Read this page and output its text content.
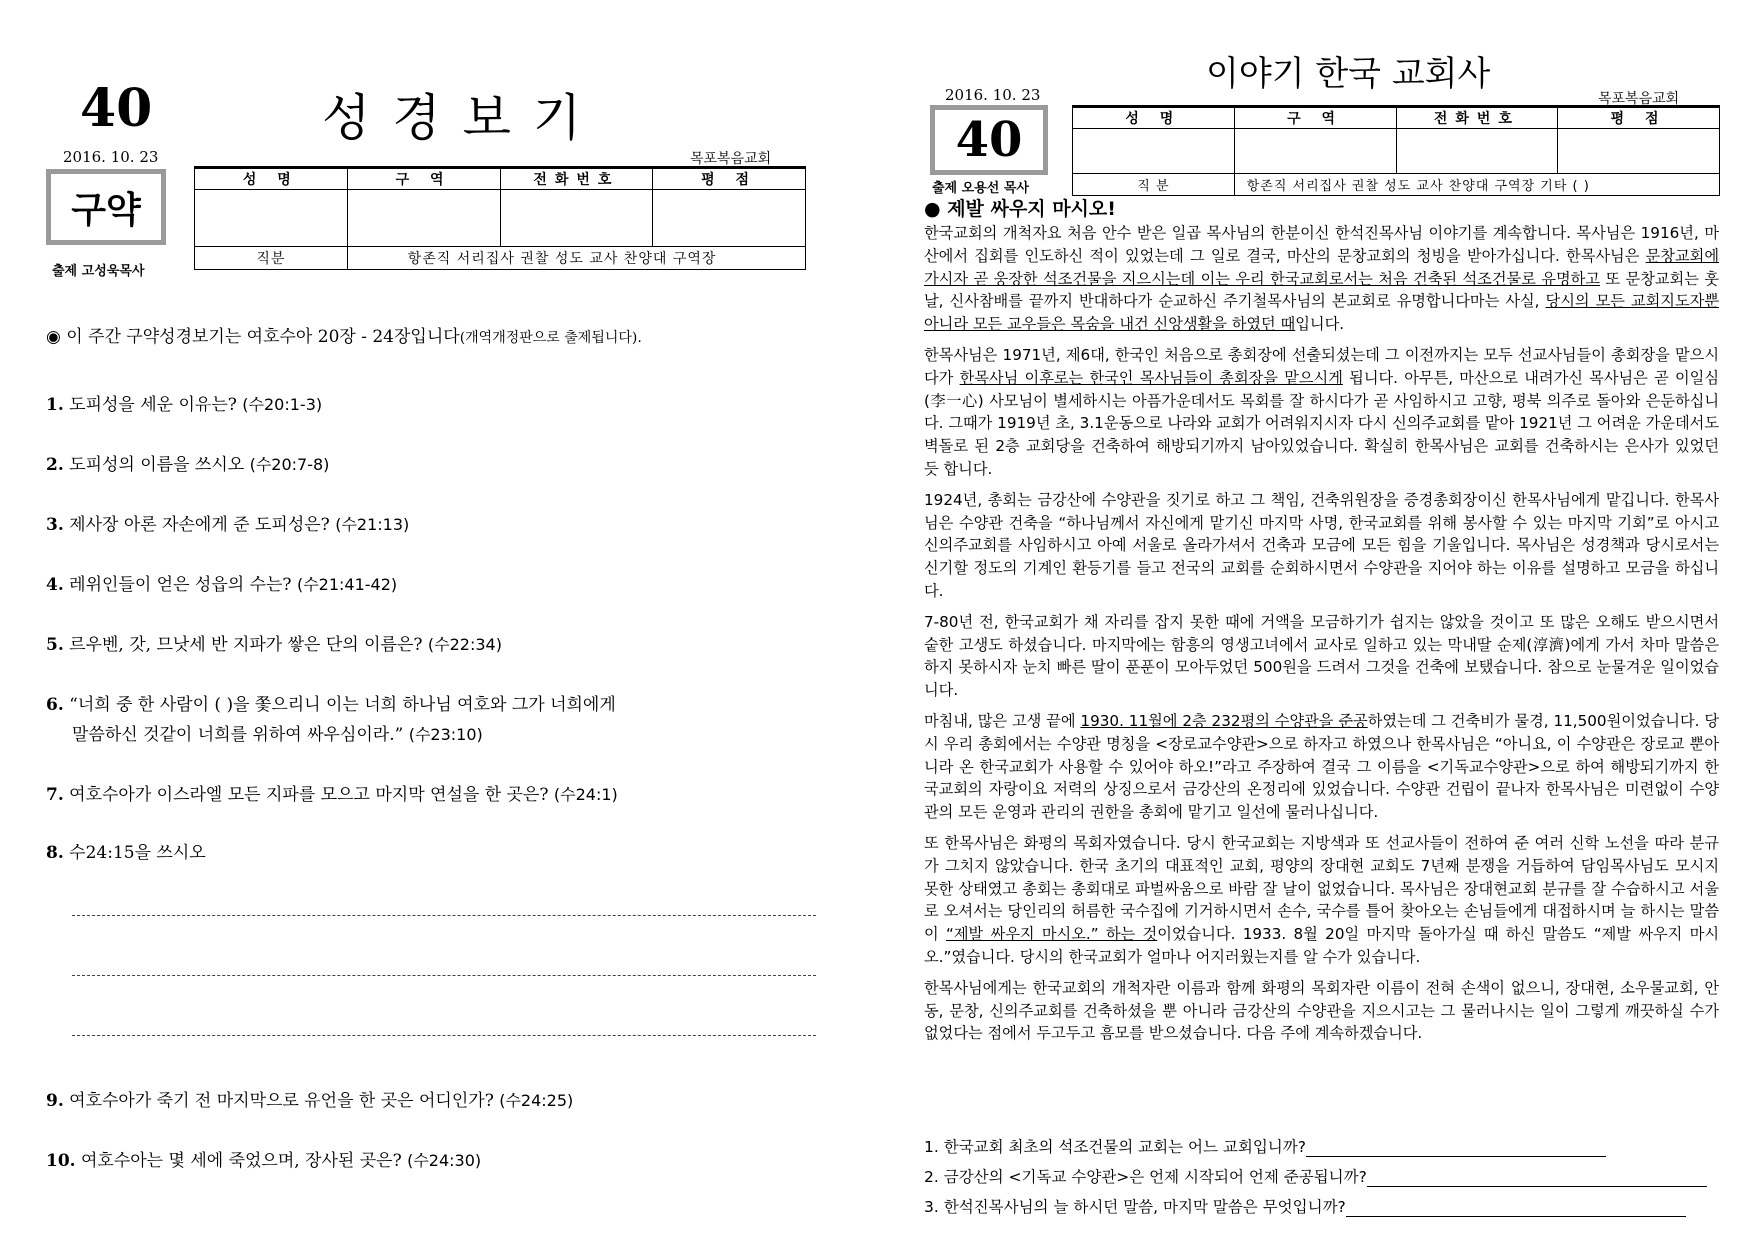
40	성경보기
2016. 10. 23	목포복음교회
구약
출제 고성욱목사
성 명	구 역	전화번호	평 점

직분	항존직 서리집사 권찰 성도 교사 찬양대 구역장		
◉ 이 주간 구약성경보기는 여호수아 20장 - 24장입니다(개역개정판으로 출제됩니다).
1. 도피성을 세운 이유는? (수20:1-3)
2. 도피성의 이름을 쓰시오 (수20:7-8)
3. 제사장 아론 자손에게 준 도피성은? (수21:13)
4. 레위인들이 얻은 성읍의 수는? (수21:41-42)
5. 르우벤, 갓, 므낫세 반 지파가 쌓은 단의 이름은? (수22:34)
6. “너희 중 한 사람이 ( )을 쫓으리니 이는 너희 하나님 여호와 그가 너희에게
말씀하신 것같이 너희를 위하여 싸우심이라.” (수23:10)
7. 여호수아가 이스라엘 모든 지파를 모으고 마지막 연설을 한 곳은? (수24:1)
8. 수24:15을 쓰시오
9. 여호수아가 죽기 전 마지막으로 유언을 한 곳은 어디인가? (수24:25)
10. 여호수아는 몇 세에 죽었으며, 장사된 곳은? (수24:30)
이야기 한국 교회사
2016. 10. 23	목포복음교회
40
출제 오용선 목사
성 명	구 역	전화번호	평 점

직 분	항존직 서리집사 권찰 성도 교사 찬양대 구역장 기타 ( )		
● 제발 싸우지 마시오!

한국교회의 개척자요 처음 안수 받은 일곱 목사님의 한분이신 한석진목사님 이야기를 계속합니다. 목사님은 1916년, 마산에서 집회를 인도하신 적이 있었는데 그 일로 결국, 마산의 문창교회의 청빙을 받아가십니다. 한목사님은 문창교회에 가시자 곧 웅장한 석조건물을 지으시는데 이는 우리 한국교회로서는 처음 건축된 석조건물로 유명하고 또 문창교회는 훗날, 신사참배를 끝까지 반대하다가 순교하신 주기철목사님의 본교회로 유명합니다마는 사실, 당시의 모든 교회지도자뿐 아니라 모든 교우들은 목숨을 내건 신앙생활을 하였던 때입니다.

한목사님은 1971년, 제6대, 한국인 처음으로 총회장에 선출되셨는데 그 이전까지는 모두 선교사님들이 총회장을 맡으시다가 한목사님 이후로는 한국인 목사님들이 총회장을 맡으시게 됩니다. 아무튼, 마산으로 내려가신 목사님은 곧 이일심(李一心) 사모님이 별세하시는 아픔가운데서도 목회를 잘 하시다가 곧 사임하시고 고향, 평북 의주로 돌아와 은둔하십니다. 그때가 1919년 초, 3.1운동으로 나라와 교회가 어려워지시자 다시 신의주교회를 맡아 1921년 그 어려운 가운데서도 벽돌로 된 2층 교회당을 건축하여 해방되기까지 남아있었습니다. 확실히 한목사님은 교회를 건축하시는 은사가 있었던 듯 합니다.

1924년, 총회는 금강산에 수양관을 짓기로 하고 그 책임, 건축위원장을 증경총회장이신 한목사님에게 맡깁니다. 한목사님은 수양관 건축을 “하나님께서 자신에게 맡기신 마지막 사명, 한국교회를 위해 봉사할 수 있는 마지막 기회”로 아시고 신의주교회를 사임하시고 아예 서울로 올라가셔서 건축과 모금에 모든 힘을 기울입니다. 목사님은 성경책과 당시로서는 신기할 정도의 기계인 환등기를 들고 전국의 교회를 순회하시면서 수양관을 지어야 하는 이유를 설명하고 모금을 하십니다.

7-80년 전, 한국교회가 채 자리를 잡지 못한 때에 거액을 모금하기가 쉽지는 않았을 것이고 또 많은 오해도 받으시면서 숱한 고생도 하셨습니다. 마지막에는 함흥의 영생고녀에서 교사로 일하고 있는 막내딸 순제(淳濟)에게 가서 차마 말씀은 하지 못하시자 눈치 빠른 딸이 푼푼이 모아두었던 500원을 드려서 그것을 건축에 보탰습니다. 참으로 눈물겨운 일이었습니다.

마침내, 많은 고생 끝에 1930. 11월에 2층 232평의 수양관을 준공하였는데 그 건축비가 물경, 11,500원이었습니다. 당시 우리 총회에서는 수양관 명칭을 <장로교수양관>으로 하자고 하였으나 한목사님은 “아니요, 이 수양관은 장로교 뿐아니라 온 한국교회가 사용할 수 있어야 하오!”라고 주장하여 결국 그 이름을 <기독교수양관>으로 하여 해방되기까지 한국교회의 자랑이요 저력의 상징으로서 금강산의 온정리에 있었습니다. 수양관 건립이 끝나자 한목사님은 미련없이 수양관의 모든 운영과 관리의 권한을 총회에 맡기고 일선에 물러나십니다.

또 한목사님은 화평의 목회자였습니다. 당시 한국교회는 지방색과 또 선교사들이 전하여 준 여러 신학 노선을 따라 분규가 그치지 않았습니다. 한국 초기의 대표적인 교회, 평양의 장대현 교회도 7년째 분쟁을 거듭하여 담임목사님도 모시지 못한 상태였고 총회는 총회대로 파벌싸움으로 바람 잘 날이 없었습니다. 목사님은 장대현교회 분규를 잘 수습하시고 서울로 오셔서는 당인리의 허름한 국수집에 기거하시면서 손수, 국수를 틀어 찾아오는 손님들에게 대접하시며 늘 하시는 말씀이 “제발 싸우지 마시오.” 하는 것이었습니다. 1933. 8월 20일 마지막 돌아가실 때 하신 말씀도 “제발 싸우지 마시오.”였습니다. 당시의 한국교회가 얼마나 어지러웠는지를 알 수가 있습니다.

한목사님에게는 한국교회의 개척자란 이름과 함께 화평의 목회자란 이름이 전혀 손색이 없으니, 장대현, 소우물교회, 안동, 문창, 신의주교회를 건축하셨을 뿐 아니라 금강산의 수양관을 지으시고는 그 물러나시는 일이 그렇게 깨끗하실 수가 없었다는 점에서 두고두고 흠모를 받으셨습니다. 다음 주에 계속하겠습니다.

1. 한국교회 최초의 석조건물의 교회는 어느 교회입니까?
2. 금강산의 <기독교 수양관>은 언제 시작되어 언제 준공됩니까?
3. 한석진목사님의 늘 하시던 말씀, 마지막 말씀은 무엇입니까?
